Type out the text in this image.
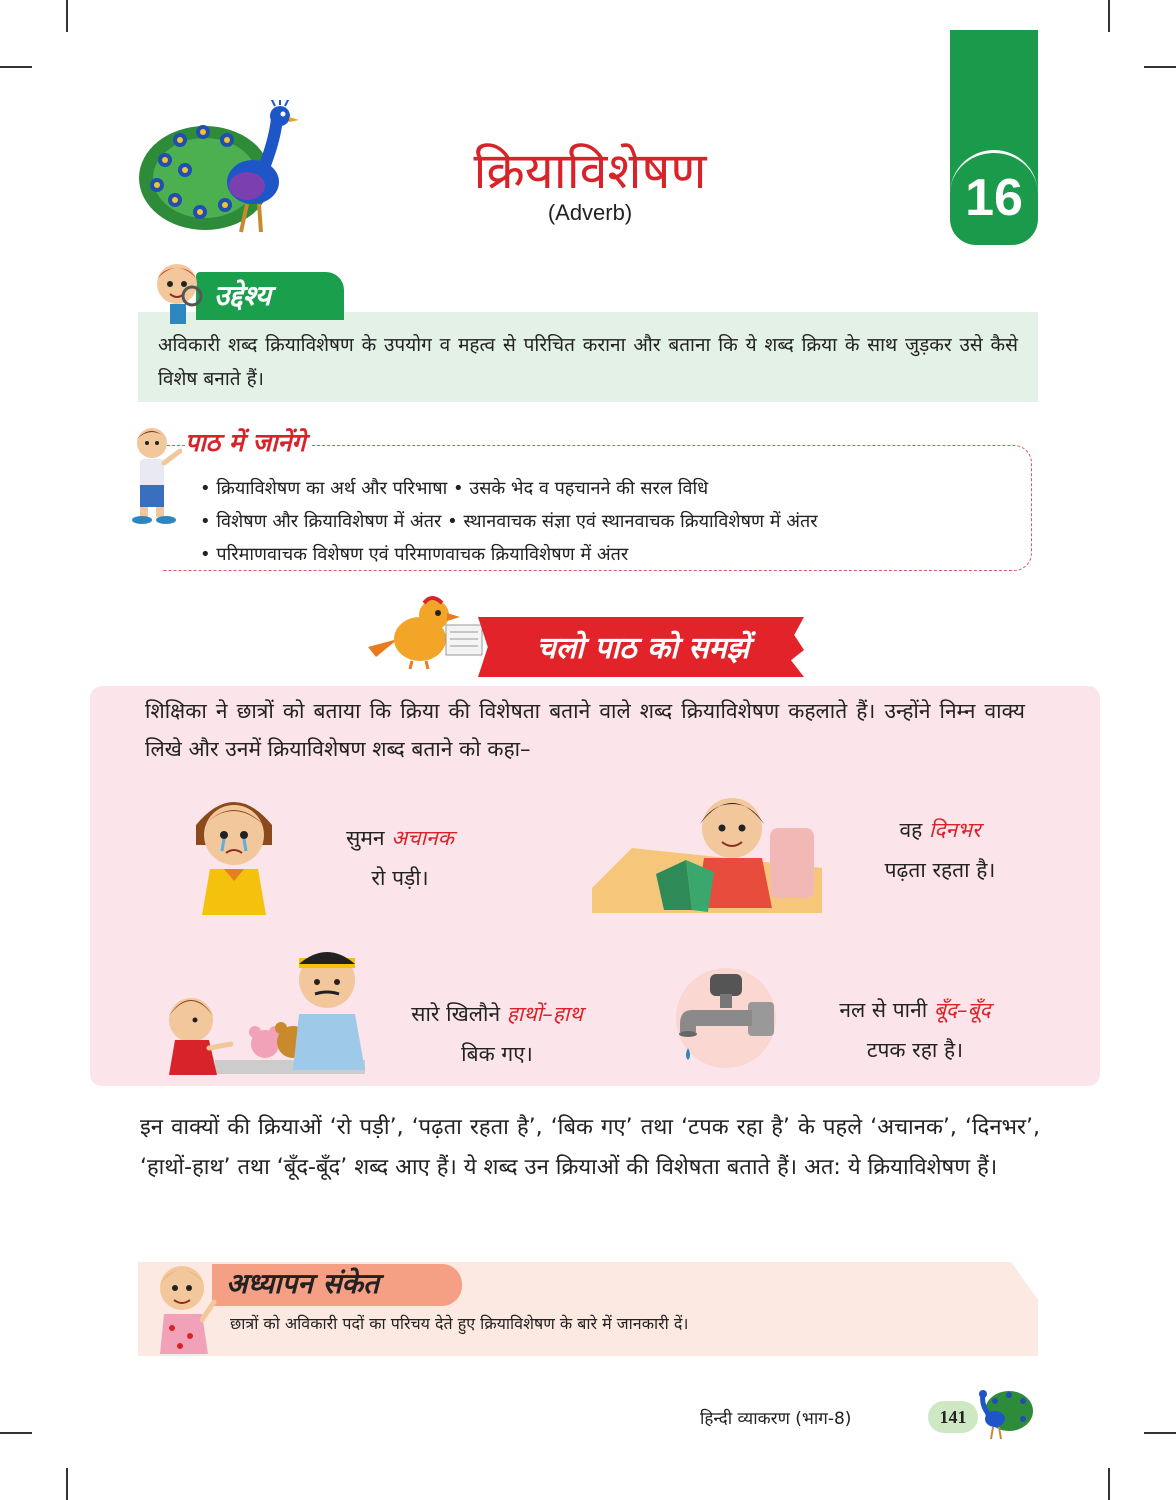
16
क्रियाविशेषण
(Adverb)
उद्देश्य
अविकारी शब्द क्रियाविशेषण के उपयोग व महत्व से परिचित कराना और बताना कि ये शब्द क्रिया के साथ जुड़कर उसे कैसे विशेष बनाते हैं।
पाठ में जानेंगे
• क्रियाविशेषण का अर्थ और परिभाषा • उसके भेद व पहचानने की सरल विधि
• विशेषण और क्रियाविशेषण में अंतर • स्थानवाचक संज्ञा एवं स्थानवाचक क्रियाविशेषण में अंतर
• परिमाणवाचक विशेषण एवं परिमाणवाचक क्रियाविशेषण में अंतर
चलो पाठ को समझें
शिक्षिका ने छात्रों को बताया कि क्रिया की विशेषता बताने वाले शब्द क्रियाविशेषण कहलाते हैं। उन्होंने निम्न वाक्य लिखे और उनमें क्रियाविशेषण शब्द बताने को कहा–
सुमन अचानक
रो पड़ी।
वह दिनभर
पढ़ता रहता है।
सारे खिलौने हाथों–हाथ
बिक गए।
नल से पानी बूँद–बूँद
टपक रहा है।
इन वाक्यों की क्रियाओं ‘रो पड़ी’, ‘पढ़ता रहता है’, ‘बिक गए’ तथा ‘टपक रहा है’ के पहले ‘अचानक’, ‘दिनभर’, ‘हाथों-हाथ’ तथा ‘बूँद-बूँद’ शब्द आए हैं। ये शब्द उन क्रियाओं की विशेषता बताते हैं। अत: ये क्रियाविशेषण हैं।
अध्यापन संकेत
छात्रों को अविकारी पदों का परिचय देते हुए क्रियाविशेषण के बारे में जानकारी दें।
हिन्दी व्याकरण (भाग-8)	141
